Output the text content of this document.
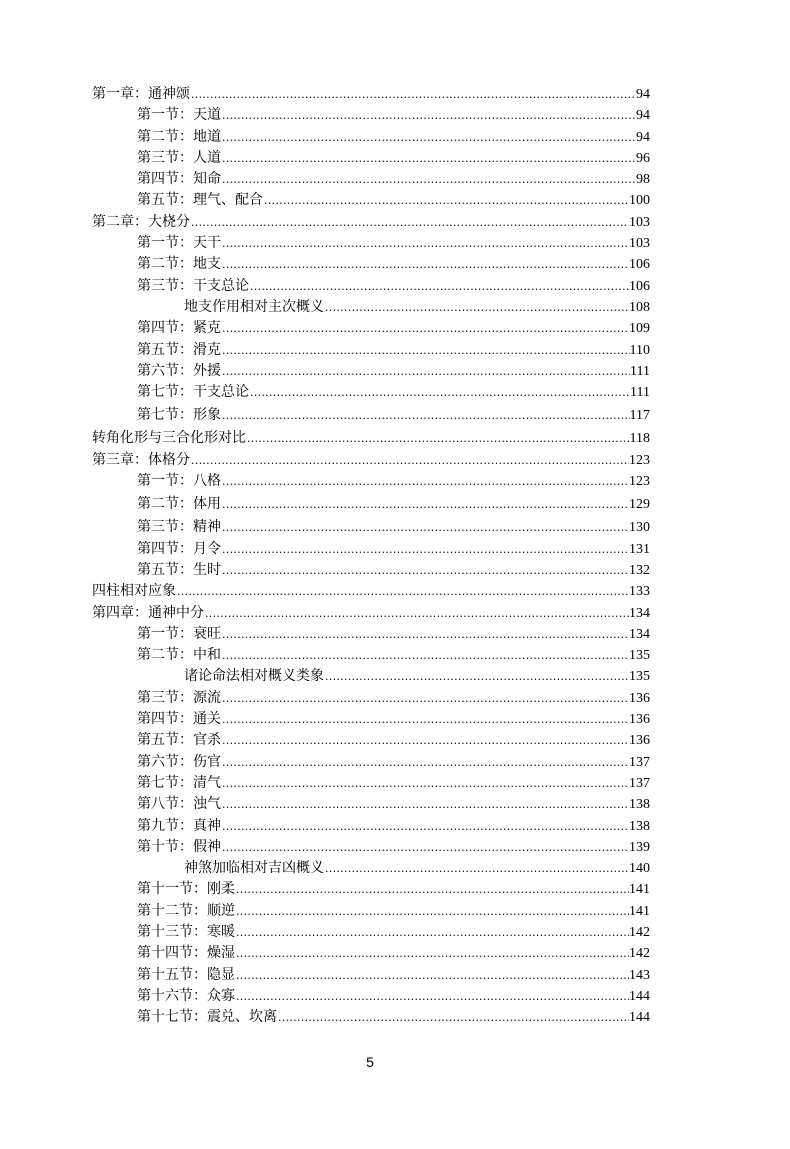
第一章：通神颂 .....	94
第一节：天道 .....	94
第二节：地道 .....	94
第三节：人道 .....	96
第四节：知命 .....	98
第五节：理气、配合 .....	100
第二章：大桡分 .....	103
第一节：天干 .....	103
第二节：地支 .....	106
第三节：干支总论 .....	106
地支作用相对主次概义 .....	108
第四节：紧克 .....	109
第五节：滑克 .....	110
第六节：外援 .....	111
第七节：干支总论 .....	111
第七节：形象 .....	117
转角化形与三合化形对比 .....	118
第三章：体格分 .....	123
第一节：八格 .....	123
第二节：体用 .....	129
第三节：精神 .....	130
第四节：月令 .....	131
第五节：生时 .....	132
四柱相对应象 .....	133
第四章：通神中分 .....	134
第一节：衰旺 .....	134
第二节：中和 .....	135
诸论命法相对概义类象 .....	135
第三节：源流 .....	136
第四节：通关 .....	136
第五节：官杀 .....	136
第六节：伤官 .....	137
第七节：清气 .....	137
第八节：浊气 .....	138
第九节：真神 .....	138
第十节：假神 .....	139
神煞加临相对吉凶概义 .....	140
第十一节：刚柔 .....	141
第十二节：顺逆 .....	141
第十三节：寒暖 .....	142
第十四节：燥湿 .....	142
第十五节：隐显 .....	143
第十六节：众寡 .....	144
第十七节：震兑、坎离 .....	144
5
